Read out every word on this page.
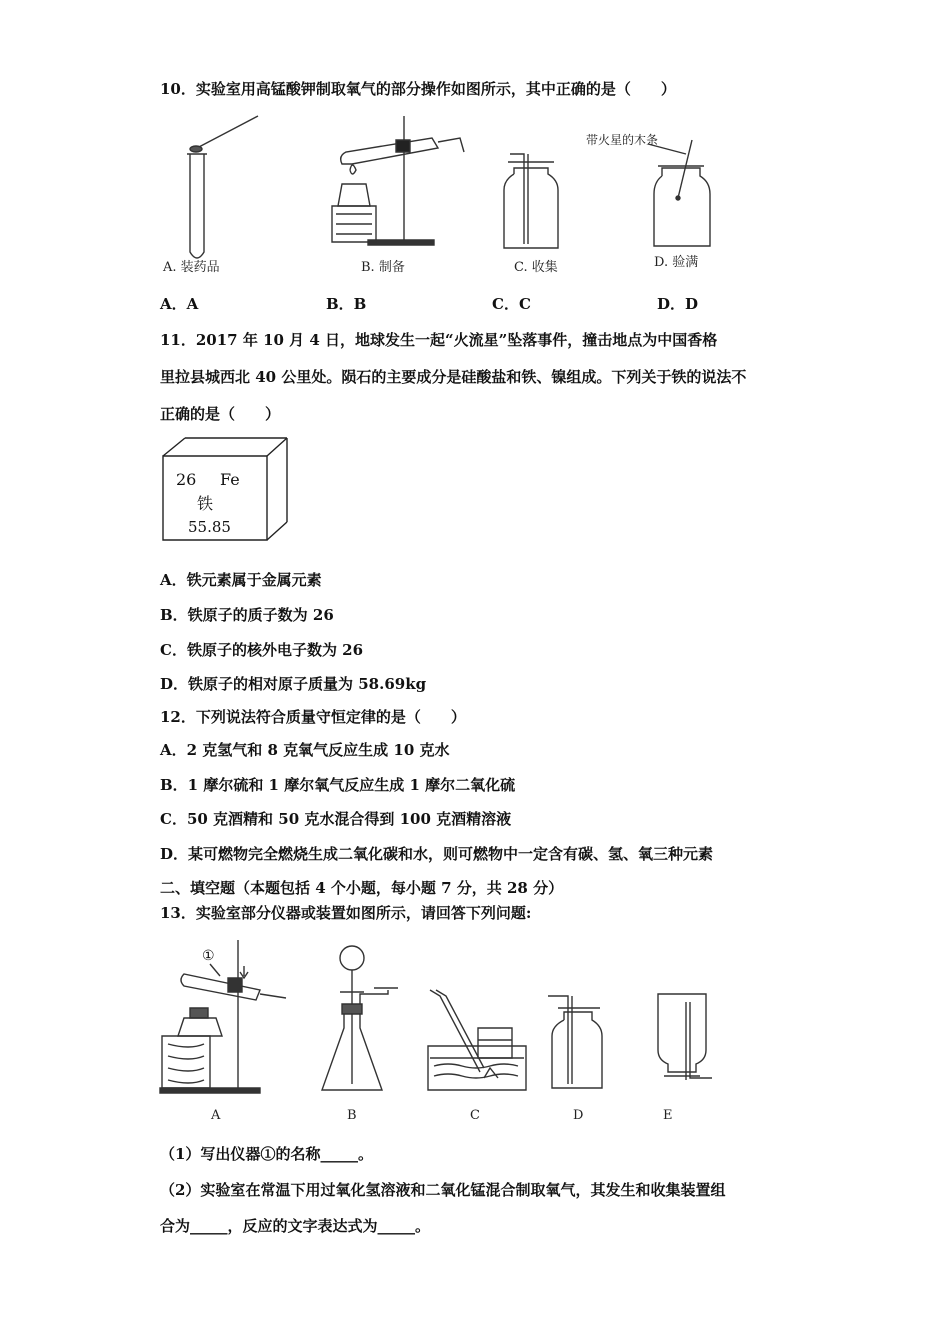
10．实验室用高锰酸钾制取氧气的部分操作如图所示，其中正确的是（　　）
A. 装药品	B. 制备	C. 收集
带火星的木条
D. 验满
A．A	B．B	C．C	D．D
11．2017 年 10 月 4 日，地球发生一起“火流星”坠落事件，撞击地点为中国香格
里拉县城西北 40 公里处。陨石的主要成分是硅酸盐和铁、镍组成。下列关于铁的说法不
正确的是（　　）
26 Fe
铁
55.85
A．铁元素属于金属元素
B．铁原子的质子数为 26
C．铁原子的核外电子数为 26
D．铁原子的相对原子质量为 58.69kg
12．下列说法符合质量守恒定律的是（　　）
A．2 克氢气和 8 克氧气反应生成 10 克水
B．1 摩尔硫和 1 摩尔氧气反应生成 1 摩尔二氧化硫
C．50 克酒精和 50 克水混合得到 100 克酒精溶液
D．某可燃物完全燃烧生成二氧化碳和水，则可燃物中一定含有碳、氢、氧三种元素
二、填空题（本题包括 4 个小题，每小题 7 分，共 28 分）
13．实验室部分仪器或装置如图所示，请回答下列问题:
①
A	B	C	D	E
（1）写出仪器①的名称_____。
（2）实验室在常温下用过氧化氢溶液和二氧化锰混合制取氧气，其发生和收集装置组
合为_____，反应的文字表达式为_____。
